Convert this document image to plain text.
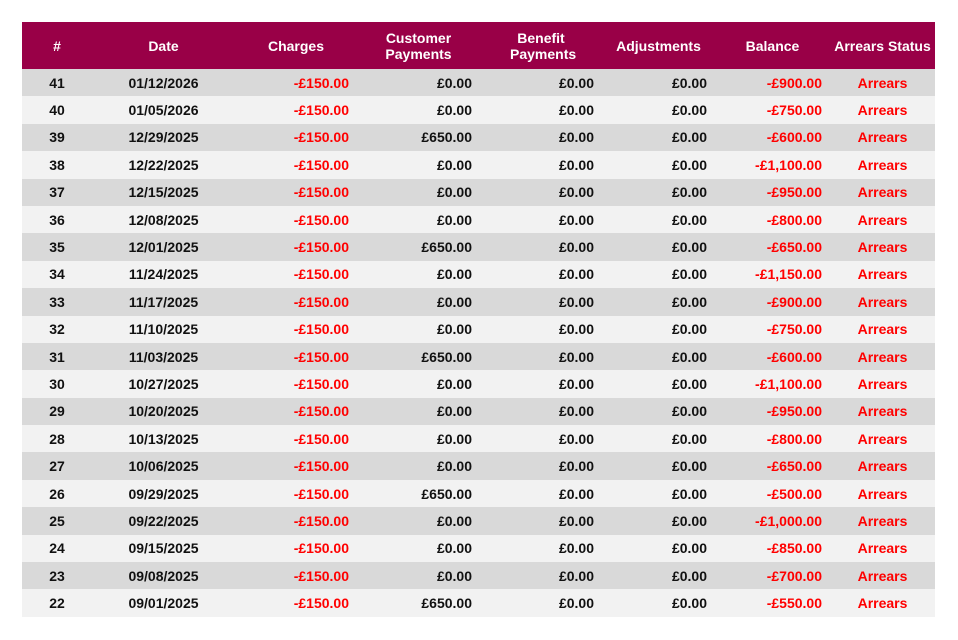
#	Date	Charges	Customer Payments	Benefit Payments	Adjustments	Balance	Arrears Status
41	01/12/2026	-£150.00	£0.00	£0.00	£0.00	-£900.00	Arrears
40	01/05/2026	-£150.00	£0.00	£0.00	£0.00	-£750.00	Arrears
39	12/29/2025	-£150.00	£650.00	£0.00	£0.00	-£600.00	Arrears
38	12/22/2025	-£150.00	£0.00	£0.00	£0.00	-£1,100.00	Arrears
37	12/15/2025	-£150.00	£0.00	£0.00	£0.00	-£950.00	Arrears
36	12/08/2025	-£150.00	£0.00	£0.00	£0.00	-£800.00	Arrears
35	12/01/2025	-£150.00	£650.00	£0.00	£0.00	-£650.00	Arrears
34	11/24/2025	-£150.00	£0.00	£0.00	£0.00	-£1,150.00	Arrears
33	11/17/2025	-£150.00	£0.00	£0.00	£0.00	-£900.00	Arrears
32	11/10/2025	-£150.00	£0.00	£0.00	£0.00	-£750.00	Arrears
31	11/03/2025	-£150.00	£650.00	£0.00	£0.00	-£600.00	Arrears
30	10/27/2025	-£150.00	£0.00	£0.00	£0.00	-£1,100.00	Arrears
29	10/20/2025	-£150.00	£0.00	£0.00	£0.00	-£950.00	Arrears
28	10/13/2025	-£150.00	£0.00	£0.00	£0.00	-£800.00	Arrears
27	10/06/2025	-£150.00	£0.00	£0.00	£0.00	-£650.00	Arrears
26	09/29/2025	-£150.00	£650.00	£0.00	£0.00	-£500.00	Arrears
25	09/22/2025	-£150.00	£0.00	£0.00	£0.00	-£1,000.00	Arrears
24	09/15/2025	-£150.00	£0.00	£0.00	£0.00	-£850.00	Arrears
23	09/08/2025	-£150.00	£0.00	£0.00	£0.00	-£700.00	Arrears
22	09/01/2025	-£150.00	£650.00	£0.00	£0.00	-£550.00	Arrears
